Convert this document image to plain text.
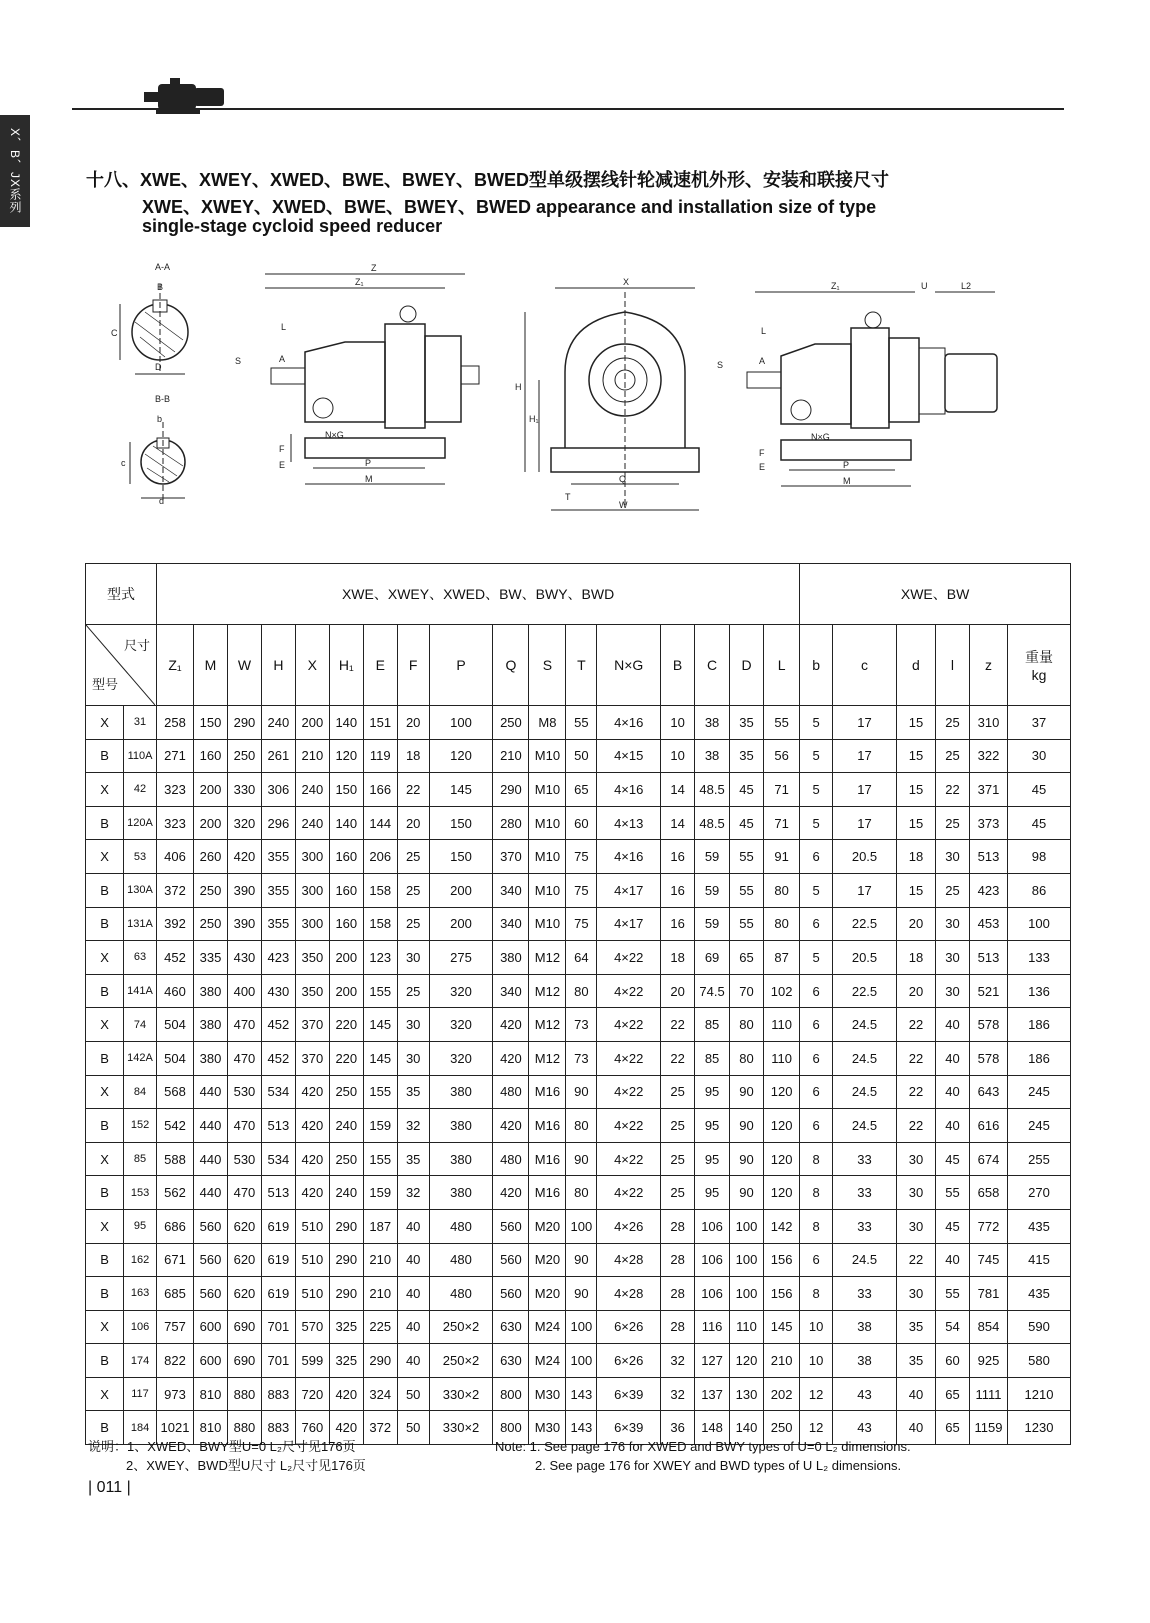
X、B、JX系列	十八、XWE、XWEY、XWED、BWE、BWEY、BWED型单级摆线针轮减速机外形、安装和联接尺寸
XWE、XWEY、XWED、BWE、BWEY、BWED appearance and installation size of type
single-stage cycloid speed reducer
A-A
C
D
B
B-B
c
d
b
Z
Z₁
L
S	A
N×G
F
E	P
M
X
H
H₁
Q
T
W
Z₁	U	L2
L
S	A
N×G
F
E	P
M
型式		XWE、XWEY、XWED、BW、BWY、BWD																	XWE、BW					

尺寸
型号		Z₁	M	W	H	X	H₁	E	F	P	Q	S	T	N×G	B	C	D	L	b	c	d	l	z	重量
kg
X	31	258	150	290	240	200	140	151	20	100	250	M8	55	4×16	10	38	35	55	5	17	15	25	310	37
B	110A	271	160	250	261	210	120	119	18	120	210	M10	50	4×15	10	38	35	56	5	17	15	25	322	30
X	42	323	200	330	306	240	150	166	22	145	290	M10	65	4×16	14	48.5	45	71	5	17	15	22	371	45
B	120A	323	200	320	296	240	140	144	20	150	280	M10	60	4×13	14	48.5	45	71	5	17	15	25	373	45
X	53	406	260	420	355	300	160	206	25	150	370	M10	75	4×16	16	59	55	91	6	20.5	18	30	513	98
B	130A	372	250	390	355	300	160	158	25	200	340	M10	75	4×17	16	59	55	80	5	17	15	25	423	86
B	131A	392	250	390	355	300	160	158	25	200	340	M10	75	4×17	16	59	55	80	6	22.5	20	30	453	100
X	63	452	335	430	423	350	200	123	30	275	380	M12	64	4×22	18	69	65	87	5	20.5	18	30	513	133
B	141A	460	380	400	430	350	200	155	25	320	340	M12	80	4×22	20	74.5	70	102	6	22.5	20	30	521	136
X	74	504	380	470	452	370	220	145	30	320	420	M12	73	4×22	22	85	80	110	6	24.5	22	40	578	186
B	142A	504	380	470	452	370	220	145	30	320	420	M12	73	4×22	22	85	80	110	6	24.5	22	40	578	186
X	84	568	440	530	534	420	250	155	35	380	480	M16	90	4×22	25	95	90	120	6	24.5	22	40	643	245
B	152	542	440	470	513	420	240	159	32	380	420	M16	80	4×22	25	95	90	120	6	24.5	22	40	616	245
X	85	588	440	530	534	420	250	155	35	380	480	M16	90	4×22	25	95	90	120	8	33	30	45	674	255
B	153	562	440	470	513	420	240	159	32	380	420	M16	80	4×22	25	95	90	120	8	33	30	55	658	270
X	95	686	560	620	619	510	290	187	40	480	560	M20	100	4×26	28	106	100	142	8	33	30	45	772	435
B	162	671	560	620	619	510	290	210	40	480	560	M20	90	4×28	28	106	100	156	6	24.5	22	40	745	415
B	163	685	560	620	619	510	290	210	40	480	560	M20	90	4×28	28	106	100	156	8	33	30	55	781	435
X	106	757	600	690	701	570	325	225	40	250×2	630	M24	100	6×26	28	116	110	145	10	38	35	54	854	590
B	174	822	600	690	701	599	325	290	40	250×2	630	M24	100	6×26	32	127	120	210	10	38	35	60	925	580
X	117	973	810	880	883	720	420	324	50	330×2	800	M30	143	6×39	32	137	130	202	12	43	40	65	1111	1210
B	184	1021	810	880	883	760	420	372	50	330×2	800	M30	143	6×39	36	148	140	250	12	43	40	65	1159	1230
说明：1、XWED、BWY型U=0 L₂尺寸见176页
2、XWEY、BWD型U尺寸 L₂尺寸见176页
Note: 1. See page 176 for XWED and BWY types of U=0 L₂ dimensions.
2. See page 176 for XWEY and BWD types of U L₂ dimensions.
| 011 |
